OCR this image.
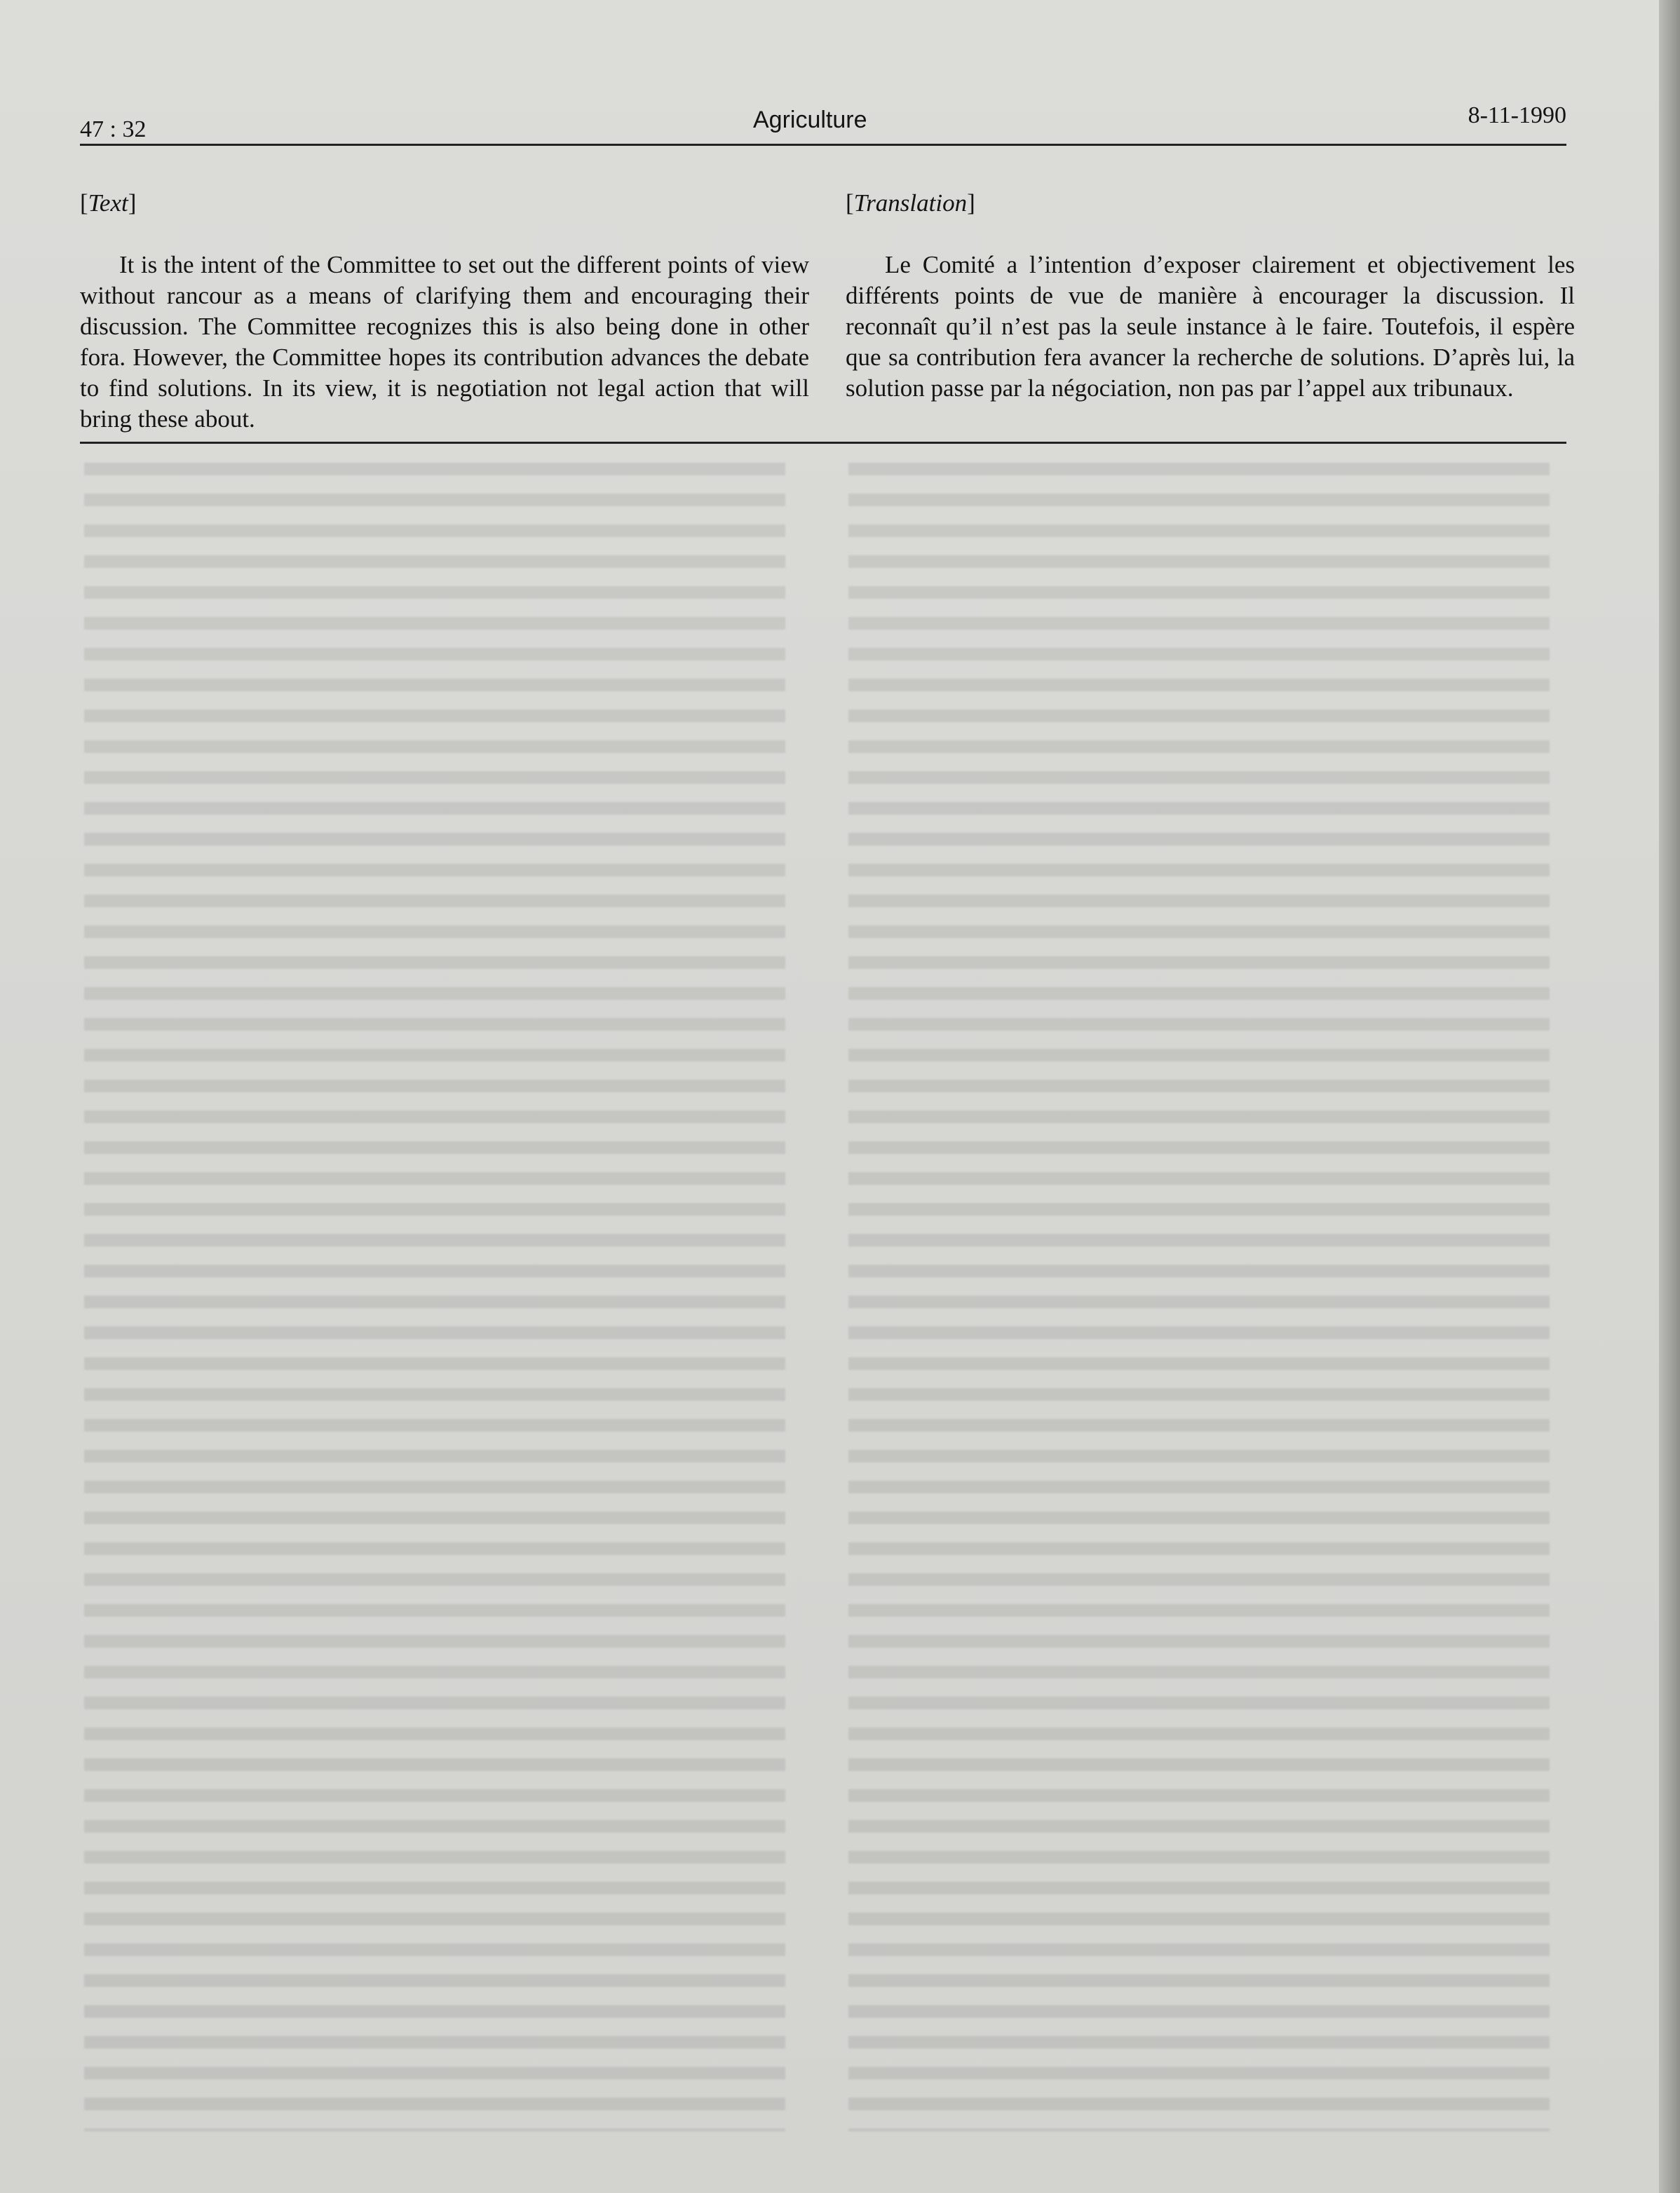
47 : 32	Agriculture	8-11-1990
[Text]

It is the intent of the Committee to set out the different points of view without rancour as a means of clarifying them and encouraging their discussion. The Committee recognizes this is also being done in other fora. However, the Committee hopes its contribution advances the debate to find solutions. In its view, it is negotiation not legal action that will bring these about.

[Translation]

Le Comité a l’intention d’exposer clairement et objectivement les différents points de vue de manière à encourager la discussion. Il reconnaît qu’il n’est pas la seule instance à le faire. Toutefois, il espère que sa contribution fera avancer la recherche de solutions. D’après lui, la solution passe par la négociation, non pas par l’appel aux tribunaux.
